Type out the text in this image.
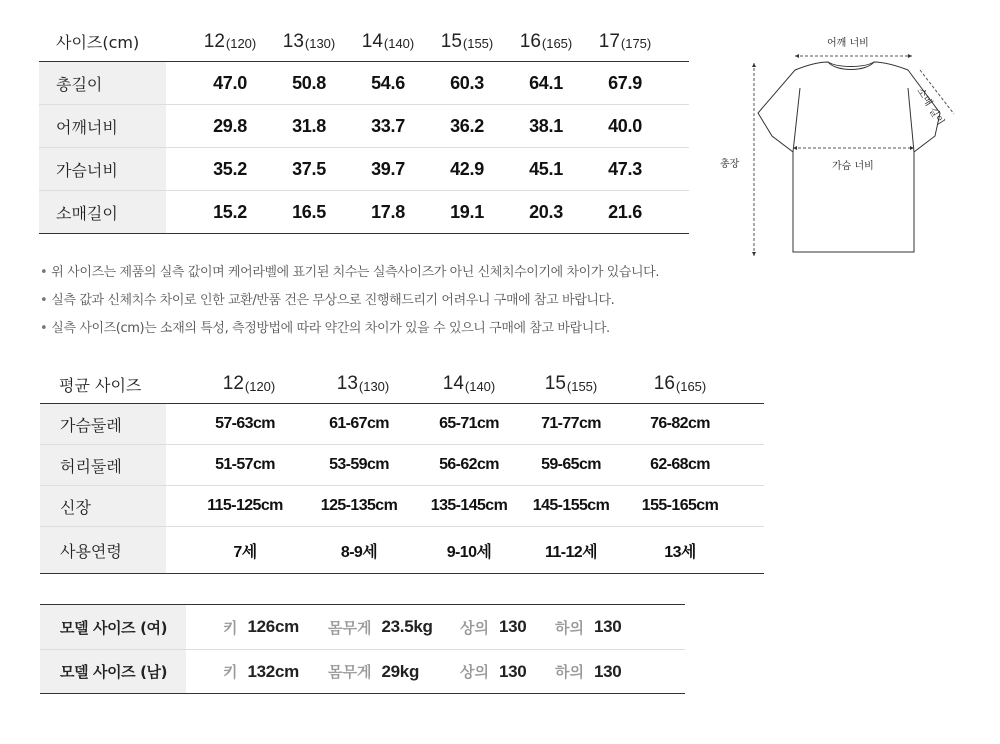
사이즈(cm)	12 (120) 13 (130) 14 (140) 15 (155) 16 (165) 17 (175)
총길이	47.0	50.8	54.6	60.3	64.1	67.9
어깨너비	29.8	31.8	33.7	36.2	38.1	40.0
가슴너비	35.2	37.5	39.7	42.9	45.1	47.3
소매길이	15.2	16.5	17.8	19.1	20.3	21.6
어깨 너비
소매 길이
총장	가슴 너비
• 위 사이즈는 제품의 실측 값이며 케어라벨에 표기된 치수는 실측사이즈가 아닌 신체치수이기에 차이가 있습니다.
• 실측 값과 신체치수 차이로 인한 교환/반품 건은 무상으로 진행해드리기 어려우니 구매에 참고 바랍니다.
• 실측 사이즈(cm)는 소재의 특성, 측정방법에 따라 약간의 차이가 있을 수 있으니 구매에 참고 바랍니다.
평균 사이즈	12 (120)	13 (130)	14 (140)	15 (155)	16 (165)
가슴둘레	57-63cm	61-67cm	65-71cm	71-77cm	76-82cm
허리둘레	51-57cm	53-59cm	56-62cm	59-65cm	62-68cm
신장	115-125cm	125-135cm	135-145cm	145-155cm	155-165cm
사용연령	7세	8-9세	9-10세	11-12세	13세
모델 사이즈 (여)	키 126cm 몸무게 23.5kg 상의 130 하의 130
모델 사이즈 (남)	키 132cm 몸무게 29kg	상의 130 하의 130
